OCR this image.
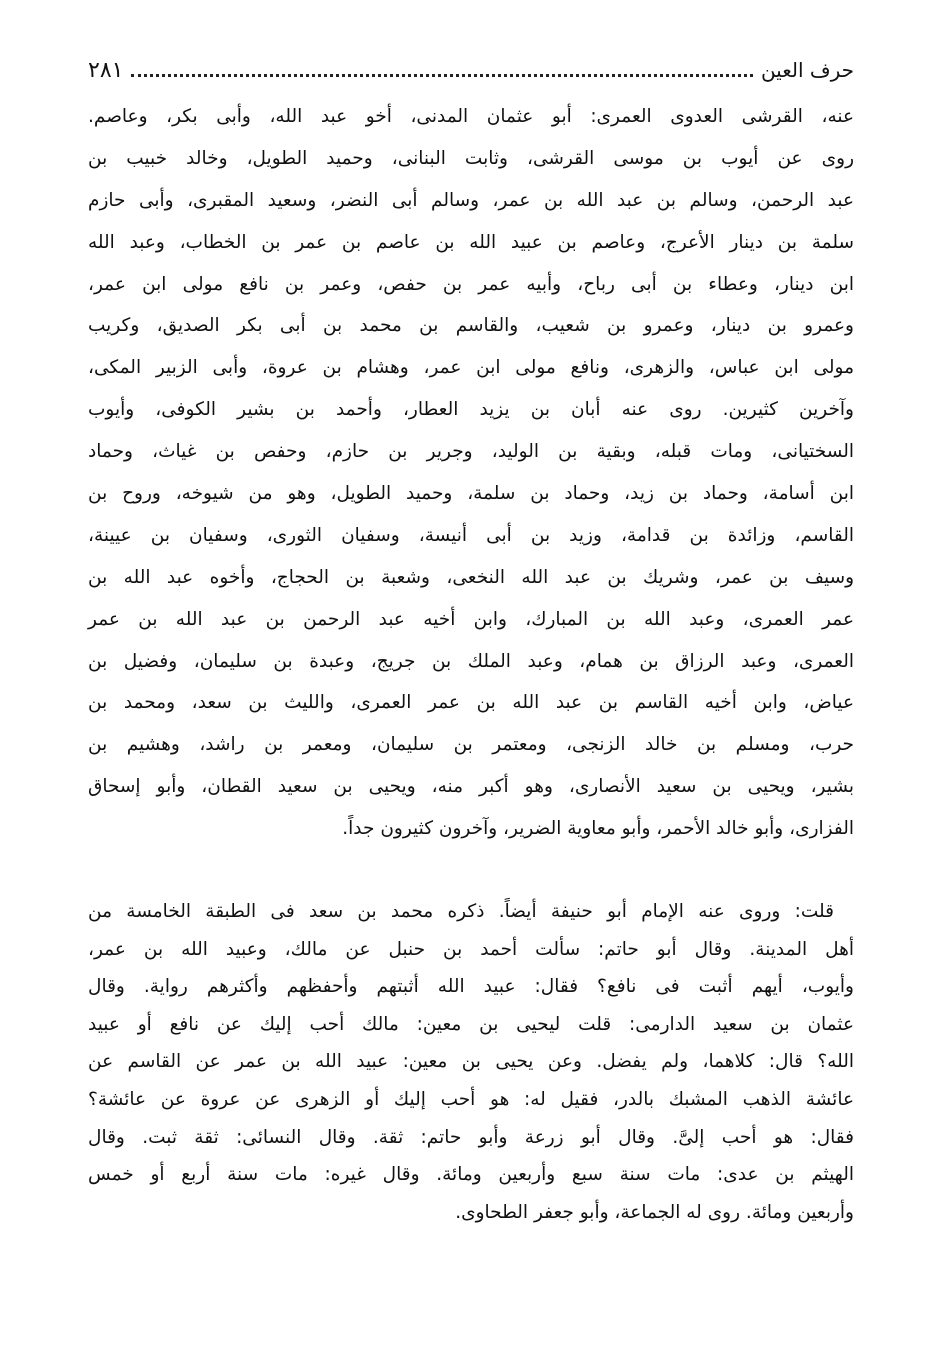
حرف العين
٢٨١
عنه، القرشى العدوى العمرى: أبو عثمان المدنى، أخو عبد الله، وأبى بكر، وعاصم.
روى عن أيوب بن موسى القرشى، وثابت البنانى، وحميد الطويل، وخالد خبيب بن
عبد الرحمن، وسالم بن عبد الله بن عمر، وسالم أبى النضر، وسعيد المقبرى، وأبى حازم
سلمة بن دينار الأعرج، وعاصم بن عبيد الله بن عاصم بن عمر بن الخطاب، وعبد الله
ابن دينار، وعطاء بن أبى رباح، وأبيه عمر بن حفص، وعمر بن نافع مولى ابن عمر،
وعمرو بن دينار، وعمرو بن شعيب، والقاسم بن محمد بن أبى بكر الصديق، وكريب
مولى ابن عباس، والزهرى، ونافع مولى ابن عمر، وهشام بن عروة، وأبى الزبير المكى،
وآخرين كثيرين. روى عنه أبان بن يزيد العطار، وأحمد بن بشير الكوفى، وأيوب
السختيانى، ومات قبله، وبقية بن الوليد، وجرير بن حازم، وحفص بن غياث، وحماد
ابن أسامة، وحماد بن زيد، وحماد بن سلمة، وحميد الطويل، وهو من شيوخه، وروح بن
القاسم، وزائدة بن قدامة، وزيد بن أبى أنيسة، وسفيان الثورى، وسفيان بن عيينة،
وسيف بن عمر، وشريك بن عبد الله النخعى، وشعبة بن الحجاج، وأخوه عبد الله بن
عمر العمرى، وعبد الله بن المبارك، وابن أخيه عبد الرحمن بن عبد الله بن عمر
العمرى، وعبد الرزاق بن همام، وعبد الملك بن جريج، وعبدة بن سليمان، وفضيل بن
عياض، وابن أخيه القاسم بن عبد الله بن عمر العمرى، والليث بن سعد، ومحمد بن
حرب، ومسلم بن خالد الزنجى، ومعتمر بن سليمان، ومعمر بن راشد، وهشيم بن
بشير، ويحيى بن سعيد الأنصارى، وهو أكبر منه، ويحيى بن سعيد القطان، وأبو إسحاق
الفزارى، وأبو خالد الأحمر، وأبو معاوية الضرير، وآخرون كثيرون جداً.
قلت: وروى عنه الإمام أبو حنيفة أيضاً. ذكره محمد بن سعد فى الطبقة الخامسة من
أهل المدينة. وقال أبو حاتم: سألت أحمد بن حنبل عن مالك، وعبيد الله بن عمر،
وأيوب، أيهم أثبت فى نافع؟ فقال: عبيد الله أثبتهم وأحفظهم وأكثرهم رواية. وقال
عثمان بن سعيد الدارمى: قلت ليحيى بن معين: مالك أحب إليك عن نافع أو عبيد
الله؟ قال: كلاهما، ولم يفضل. وعن يحيى بن معين: عبيد الله بن عمر عن القاسم عن
عائشة الذهب المشبك بالدر، فقيل له: هو أحب إليك أو الزهرى عن عروة عن عائشة؟
فقال: هو أحب إلىَّ. وقال أبو زرعة وأبو حاتم: ثقة. وقال النسائى: ثقة ثبت. وقال
الهيثم بن عدى: مات سنة سبع وأربعين ومائة. وقال غيره: مات سنة أربع أو خمس
وأربعين ومائة. روى له الجماعة، وأبو جعفر الطحاوى.
